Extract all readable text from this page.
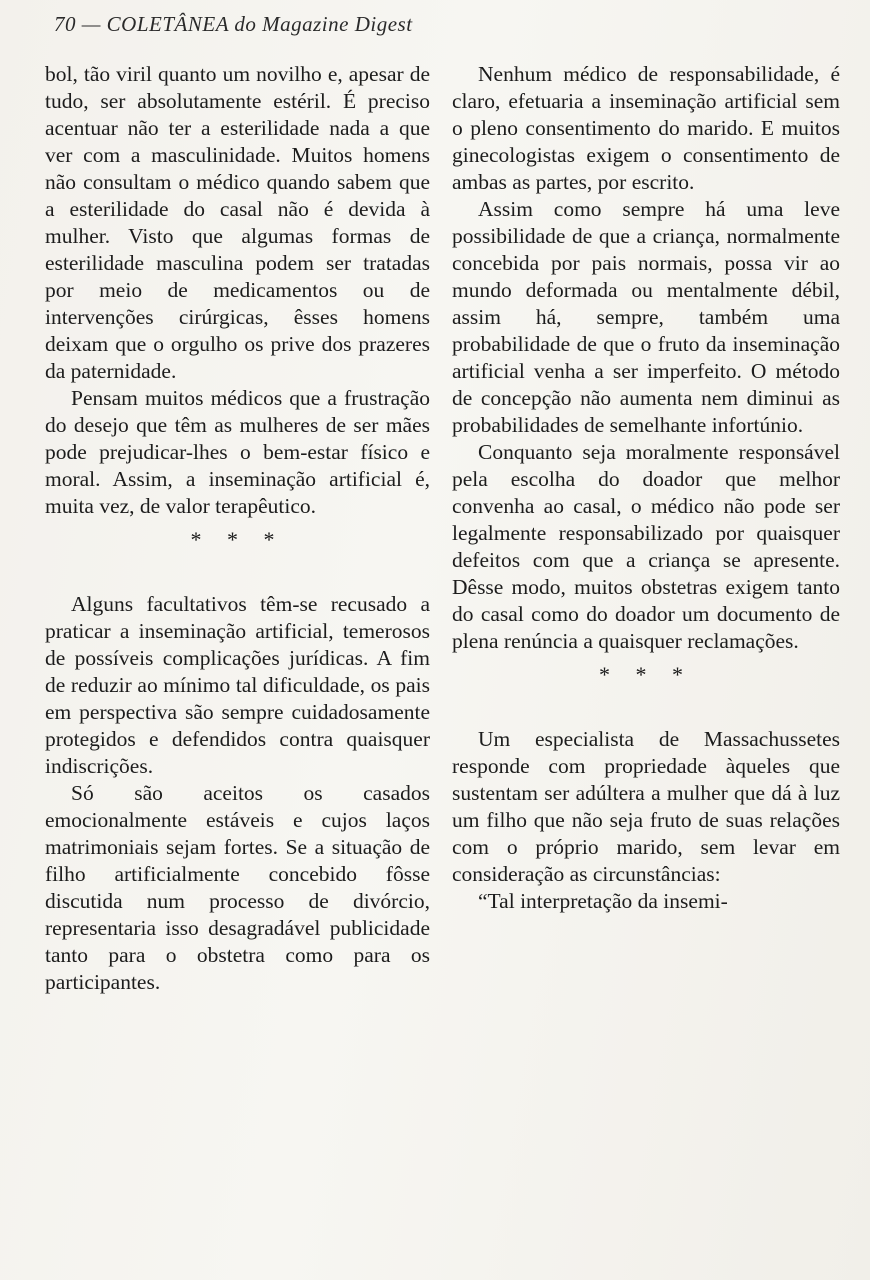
70 — COLETÂNEA do Magazine Digest

bol, tão viril quanto um novilho e, apesar de tudo, ser absolutamente estéril. É preciso acentuar não ter a esterilidade nada a que ver com a masculinidade. Muitos homens não consultam o médico quando sabem que a esterilidade do casal não é devida à mulher. Visto que algumas formas de esterilidade masculina podem ser tratadas por meio de medicamentos ou de intervenções cirúrgicas, êsses homens deixam que o orgulho os prive dos prazeres da paternidade.

Pensam muitos médicos que a frustração do desejo que têm as mulheres de ser mães pode prejudicar-lhes o bem-estar físico e moral. Assim, a inseminação artificial é, muita vez, de valor terapêutico.

* * *

Alguns facultativos têm-se recusado a praticar a inseminação artificial, temerosos de possíveis complicações jurídicas. A fim de reduzir ao mínimo tal dificuldade, os pais em perspectiva são sempre cuidadosamente protegidos e defendidos contra quaisquer indiscrições.

Só são aceitos os casados emocionalmente estáveis e cujos laços matrimoniais sejam fortes. Se a situação de filho artificialmente concebido fôsse discutida num processo de divórcio, representaria isso desagradável publicidade tanto para o obstetra como para os participantes.

Nenhum médico de responsabilidade, é claro, efetuaria a inseminação artificial sem o pleno consentimento do marido. E muitos ginecologistas exigem o consentimento de ambas as partes, por escrito.

Assim como sempre há uma leve possibilidade de que a criança, normalmente concebida por pais normais, possa vir ao mundo deformada ou mentalmente débil, assim há, sempre, também uma probabilidade de que o fruto da inseminação artificial venha a ser imperfeito. O método de concepção não aumenta nem diminui as probabilidades de semelhante infortúnio.

Conquanto seja moralmente responsável pela escolha do doador que melhor convenha ao casal, o médico não pode ser legalmente responsabilizado por quaisquer defeitos com que a criança se apresente. Dêsse modo, muitos obstetras exigem tanto do casal como do doador um documento de plena renúncia a quaisquer reclamações.

* * *

Um especialista de Massachussetes responde com propriedade àqueles que sustentam ser adúltera a mulher que dá à luz um filho que não seja fruto de suas relações com o próprio marido, sem levar em consideração as circunstâncias:

“Tal interpretação da insemi-
